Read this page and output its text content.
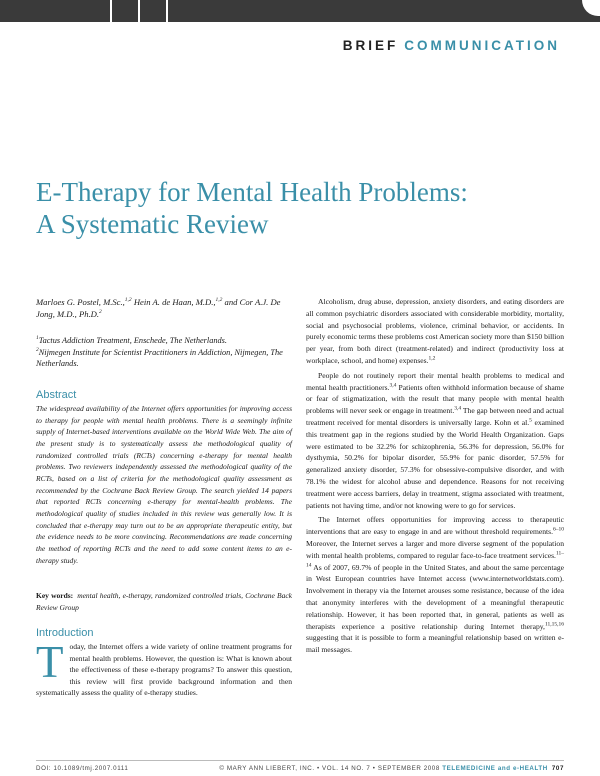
BRIEF COMMUNICATION
E-Therapy for Mental Health Problems:
A Systematic Review
Marloes G. Postel, M.Sc.,$^{1,2}$ Hein A. de Haan, M.D.,$^{1,2}$ and Cor A.J. De Jong, M.D., Ph.D.$^2$

$^1$Tactus Addiction Treatment, Enschede, The Netherlands.

$^2$Nijmegen Institute for Scientist Practitioners in Addiction, Nijmegen, The Netherlands.

Abstract
The widespread availability of the Internet offers opportunities for improving access to therapy for people with mental health problems. There is a seemingly infinite supply of Internet-based interventions available on the World Wide Web. The aim of the present study is to systematically assess the methodological quality of randomized controlled trials (RCTs) concerning e-therapy for mental health problems. Two reviewers independently assessed the methodological quality of the RCTs, based on a list of criteria for the methodological quality assessment as recommended by the Cochrane Back Review Group. The search yielded 14 papers that reported RCTs concerning e-therapy for mental-health problems. The methodological quality of studies included in this review was generally low. It is concluded that e-therapy may turn out to be an appropriate therapeutic entity, but the evidence needs to be more convincing. Recommendations are made concerning the method of reporting RCTs and the need to add some content items to an e-therapy study.
Key words: mental health, e-therapy, randomized controlled trials, Cochrane Back Review Group
Introduction
Today, the Internet offers a wide variety of online treatment programs for mental health problems. However, the question is: What is known about the effectiveness of these e-therapy programs? To answer this question, this review will first provide background information and then systematically assess the quality of e-therapy studies.

Alcoholism, drug abuse, depression, anxiety disorders, and eating disorders are all common psychiatric disorders associated with considerable morbidity, mortality, social and psychosocial problems, violence, criminal behavior, or accidents. In purely economic terms these problems cost American society more than $150 billion per year, from both direct (treatment-related) and indirect (productivity loss at workplace, school, and home) expenses.$^{1,2}$

People do not routinely report their mental health problems to medical and mental health practitioners.$^{3,4}$ Patients often withhold information because of shame or fear of stigmatization, with the result that many people with mental health problems will never seek or engage in treatment.$^{3,4}$ The gap between need and actual treatment received for mental disorders is universally large. Kohn et al.$^5$ examined this treatment gap in the regions studied by the World Health Organization. Gaps were estimated to be 32.2% for schizophrenia, 56.3% for depression, 56.0% for dysthymia, 50.2% for bipolar disorder, 55.9% for panic disorder, 57.5% for generalized anxiety disorder, 57.3% for obsessive-compulsive disorder, and with 78.1% the widest for alcohol abuse and dependence. Reasons for not receiving treatment were access barriers, delay in treatment, stigma associated with treatment, patients not having time, and/or not knowing were to go for services.

The Internet offers opportunities for improving access to therapeutic interventions that are easy to engage in and are without threshold requirements.$^{6-10}$ Moreover, the Internet serves a larger and more diverse segment of the population with mental health problems, compared to regular face-to-face treatment services.$^{11-14}$ As of 2007, 69.7% of people in the United States, and about the same percentage in West European countries have Internet access (www.internetworldstats.com). Involvement in therapy via the Internet arouses some resistance, because of the idea that anonymity interferes with the development of a meaningful therapeutic relationship. However, it has been reported that, in general, patients as well as therapists experience a positive relationship during Internet therapy,$^{11,15,16}$ suggesting that it is possible to form a meaningful relationship based on written e-mail messages.

DOI: 10.1089/tmj.2007.0111	© MARY ANN LIEBERT, INC. • VOL. 14 NO. 7 • SEPTEMBER 2008 TELEMEDICINE and e-HEALTH 707
